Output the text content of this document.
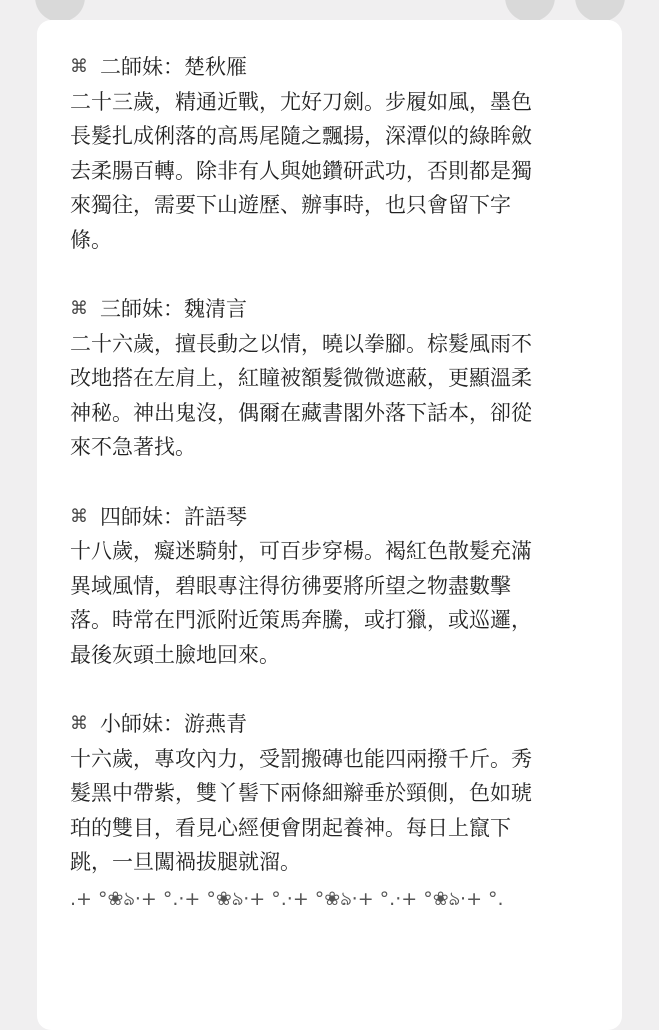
⌘ 二師妹：楚秋雁
二十三歲，精通近戰，尤好刀劍。步履如風，墨色
長髮扎成俐落的高馬尾隨之飄揚，深潭似的綠眸斂
去柔腸百轉。除非有人與她鑽研武功，否則都是獨
來獨往，需要下山遊歷、辦事時，也只會留下字
條。
⌘ 三師妹：魏清言
二十六歲，擅長動之以情，曉以拳腳。棕髮風雨不
改地搭在左肩上，紅瞳被額髮微微遮蔽，更顯溫柔
神秘。神出鬼沒，偶爾在藏書閣外落下話本，卻從
來不急著找。
⌘ 四師妹：許語琴
十八歲，癡迷騎射，可百步穿楊。褐紅色散髮充滿
異域風情，碧眼專注得彷彿要將所望之物盡數擊
落。時常在門派附近策馬奔騰，或打獵，或巡邏，
最後灰頭土臉地回來。
⌘ 小師妹：游燕青
十六歲，專攻內力，受罰搬磚也能四兩撥千斤。秀
髮黑中帶紫，雙丫髻下兩條細辮垂於頸側，色如琥
珀的雙目，看見心經便會閉起養神。每日上竄下
跳，一旦闖禍拔腿就溜。
.+ °❀ঌ·+ °.·+ °❀ঌ·+ °.·+ °❀ঌ·+ °.·+ °❀ঌ·+ °.
